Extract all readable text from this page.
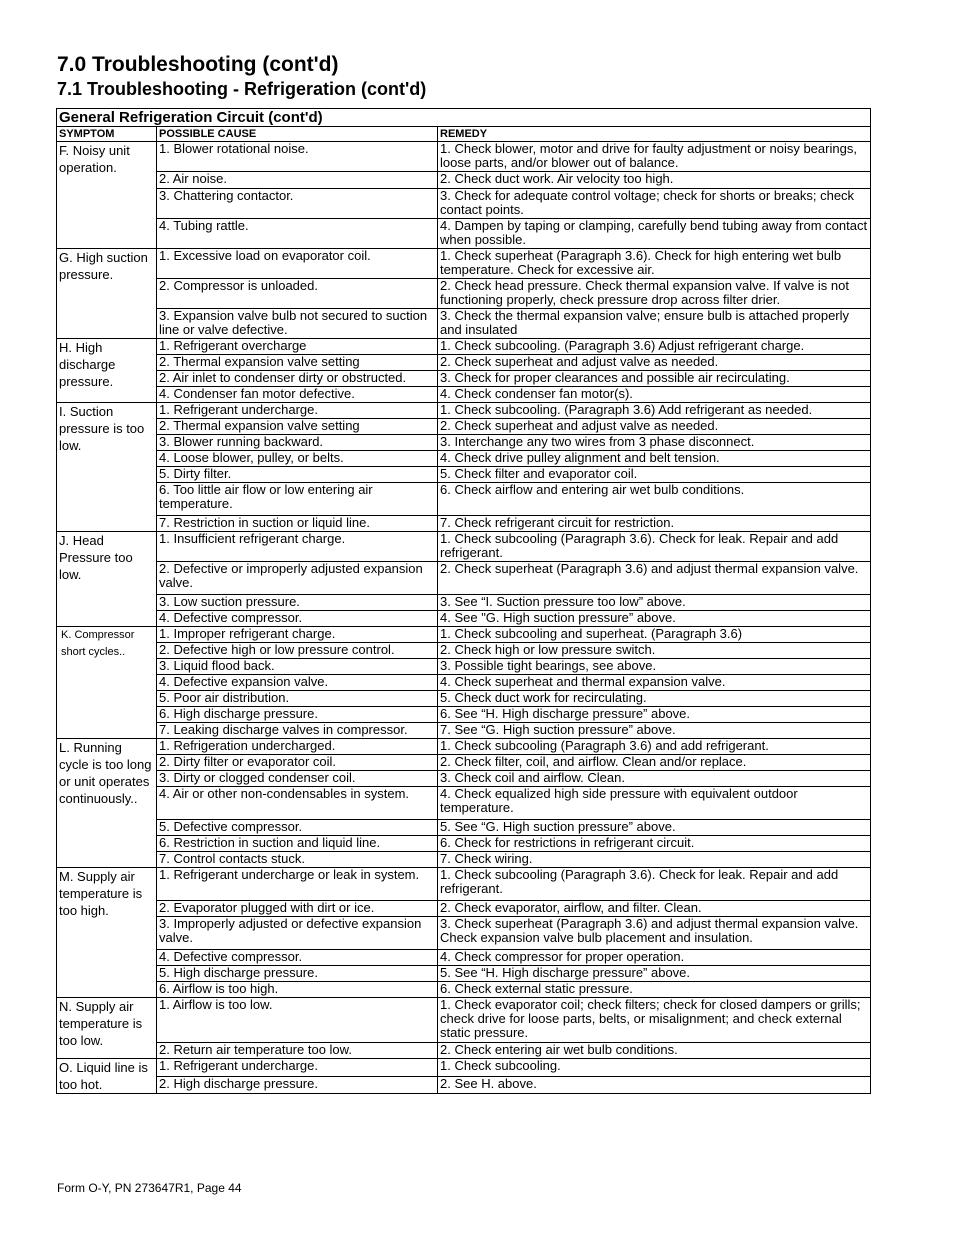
7.0 Troubleshooting (cont'd)
7.1 Troubleshooting - Refrigeration (cont'd)
General Refrigeration Circuit (cont'd)		
SYMPTOM	POSSIBLE CAUSE	REMEDY
F. Noisy unit operation.	1. Blower rotational noise.	1. Check blower, motor and drive for faulty adjustment or noisy bearings, loose parts, and/or blower out of balance.
	2. Air noise.	2. Check duct work. Air velocity too high.
	3. Chattering contactor.	3. Check for adequate control voltage; check for shorts or breaks; check contact points.
	4. Tubing rattle.	4. Dampen by taping or clamping, carefully bend tubing away from contact when possible.
G. High suction pressure.	1. Excessive load on evaporator coil.	1. Check superheat (Paragraph 3.6). Check for high entering wet bulb temperature. Check for excessive air.
	2. Compressor is unloaded.	2. Check head pressure. Check thermal expansion valve. If valve is not functioning properly, check pressure drop across filter drier.
	3. Expansion valve bulb not secured to suction line or valve defective.	3. Check the thermal expansion valve; ensure bulb is attached properly and insulated
H. High discharge pressure.	1. Refrigerant overcharge	1. Check subcooling. (Paragraph 3.6) Adjust refrigerant charge.
	2. Thermal expansion valve setting	2. Check superheat and adjust valve as needed.
	2. Air inlet to condenser dirty or obstructed.	3. Check for proper clearances and possible air recirculating.
	4. Condenser fan motor defective.	4. Check condenser fan motor(s).
I. Suction pressure is too low.	1. Refrigerant undercharge.	1. Check subcooling. (Paragraph 3.6) Add refrigerant as needed.
	2. Thermal expansion valve setting	2. Check superheat and adjust valve as needed.
	3. Blower running backward.	3. Interchange any two wires from 3 phase disconnect.
	4. Loose blower, pulley, or belts.	4. Check drive pulley alignment and belt tension.
	5. Dirty filter.	5. Check filter and evaporator coil.
	6. Too little air flow or low entering air temperature.	6. Check airflow and entering air wet bulb conditions.
	7. Restriction in suction or liquid line.	7. Check refrigerant circuit for restriction.
J. Head Pressure too low.	1. Insufficient refrigerant charge.	1. Check subcooling (Paragraph 3.6). Check for leak. Repair and add refrigerant.
	2. Defective or improperly adjusted expansion valve.	2. Check superheat (Paragraph 3.6) and adjust thermal expansion valve.
	3. Low suction pressure.	3. See “I. Suction pressure too low” above.
	4. Defective compressor.	4. See "G. High suction pressure” above.
K. Compressor short cycles..	1. Improper refrigerant charge.	1. Check subcooling and superheat. (Paragraph 3.6)
	2. Defective high or low pressure control.	2. Check high or low pressure switch.
	3. Liquid flood back.	3. Possible tight bearings, see above.
	4. Defective expansion valve.	4. Check superheat and thermal expansion valve.
	5. Poor air distribution.	5. Check duct work for recirculating.
	6. High discharge pressure.	6. See “H. High discharge pressure” above.
	7. Leaking discharge valves in compressor.	7. See “G. High suction pressure” above.
L. Running cycle is too long or unit operates continuously..	1. Refrigeration undercharged.	1. Check subcooling (Paragraph 3.6) and add refrigerant.
	2. Dirty filter or evaporator coil.	2. Check filter, coil, and airflow. Clean and/or replace.
	3. Dirty or clogged condenser coil.	3. Check coil and airflow. Clean.
	4. Air or other non-condensables in system.	4. Check equalized high side pressure with equivalent outdoor temperature.
	5. Defective compressor.	5. See “G. High suction pressure” above.
	6. Restriction in suction and liquid line.	6. Check for restrictions in refrigerant circuit.
	7. Control contacts stuck.	7. Check wiring.
M. Supply air temperature is too high.	1. Refrigerant undercharge or leak in system.	1. Check subcooling (Paragraph 3.6). Check for leak. Repair and add refrigerant.
	2. Evaporator plugged with dirt or ice.	2. Check evaporator, airflow, and filter. Clean.
	3. Improperly adjusted or defective expansion valve.	3. Check superheat (Paragraph 3.6) and adjust thermal expansion valve. Check expansion valve bulb placement and insulation.
	4. Defective compressor.	4. Check compressor for proper operation.
	5. High discharge pressure.	5. See “H. High discharge pressure” above.
	6. Airflow is too high.	6. Check external static pressure.
N. Supply air temperature is too low.	1. Airflow is too low.	1. Check evaporator coil; check filters; check for closed dampers or grills; check drive for loose parts, belts, or misalignment; and check external static pressure.
	2. Return air temperature too low.	2. Check entering air wet bulb conditions.
O. Liquid line is too hot.	1. Refrigerant undercharge.	1. Check subcooling.
	2. High discharge pressure.	2. See H. above.
Form O-Y, PN 273647R1, Page 44
